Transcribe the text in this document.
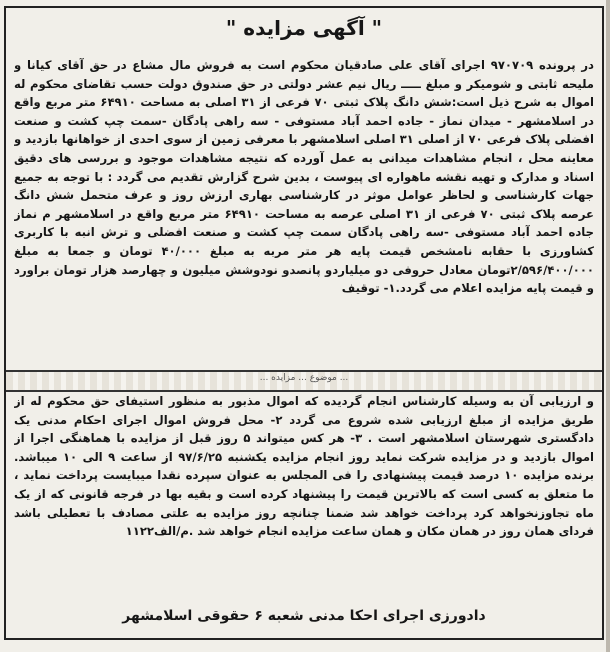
" آگهی مزایده "
در پرونده ۹۷۰۷۰۹ اجرای آقای علی صادقیان محکوم است به فروش مال مشاع در حق آقای کیانا و ملیحه ثابتی و شومیکر و مبلغ ـــــ ریال نیم عشر دولتی در حق صندوق دولت حسب تقاضای محکوم له اموال به شرح ذیل است:شش دانگ پلاک ثبتی ۷۰ فرعی از ۳۱ اصلی به مساحت ۶۴۹۱۰ متر مربع واقع در اسلامشهر - میدان نماز - جاده احمد آباد مستوفی - سه راهی پادگان -سمت چپ کشت و صنعت افضلی پلاک فرعی ۷۰ از اصلی ۳۱ اصلی اسلامشهر با معرفی زمین از سوی احدی از خواهانها بازدید و معاینه محل ، انجام مشاهدات میدانی به عمل آورده که نتیجه مشاهدات موجود و بررسی های دقیق اسناد و مدارک و تهیه نقشه ماهواره ای پیوست ، بدین شرح گزارش تقدیم می گردد : با توجه به جمیع جهات کارشناسی و لحاظر عوامل موثر در کارشناسی بهاری ارزش روز و عرف متحمل شش دانگ عرصه پلاک ثبتی ۷۰ فرعی از ۳۱ اصلی عرصه به مساحت ۶۴۹۱۰ متر مربع واقع در اسلامشهر م نماز جاده احمد آباد مستوفی -سه راهی پادگان سمت چپ کشت و صنعت افضلی و ترش انبه با کاربری کشاورزی با حقابه نامشخص قیمت پایه هر متر مربه به مبلغ ۴۰/۰۰۰ تومان و جمعا به مبلغ ۲/۵۹۶/۴۰۰/۰۰۰تومان معادل حروفی دو میلیاردو پانصدو نودوشش میلیون و چهارصد هزار تومان براورد و قیمت پایه مزایده اعلام می گردد.۱- توقیف
... موضوع ... مزایده ...
و ارزیابی آن به وسیله کارشناس انجام گردیده که اموال مذبور به منظور استیفای حق محکوم له از طریق مزایده از مبلغ ارزیابی شده شروع می گردد ۲- محل فروش اموال اجرای احکام مدنی یک دادگستری شهرستان اسلامشهر است . ۳- هر کس میتواند ۵ روز قبل از مزایده با هماهنگی اجرا از اموال بازدید و در مزایده شرکت نماید روز انجام مزایده یکشنبه ۹۷/۶/۲۵ از ساعت ۹ الی ۱۰ میباشد. برنده مزایده ۱۰ درصد قیمت پیشنهادی را فی المجلس به عنوان سپرده نقدا میبایست پرداخت نماید ، ما متعلق به کسی است که بالاترین قیمت را پیشنهاد کرده است و بقیه بها در فرجه قانونی که از یک ماه تجاوزنخواهد کرد پرداخت خواهد شد ضمنا چنانچه روز مزایده به علتی مصادف با تعطیلی باشد فردای همان روز در همان مکان و همان ساعت مزایده انجام خواهد شد .م/الف۱۱۲۲
دادورزی اجرای احکا مدنی شعبه ۶ حقوقی اسلامشهر
